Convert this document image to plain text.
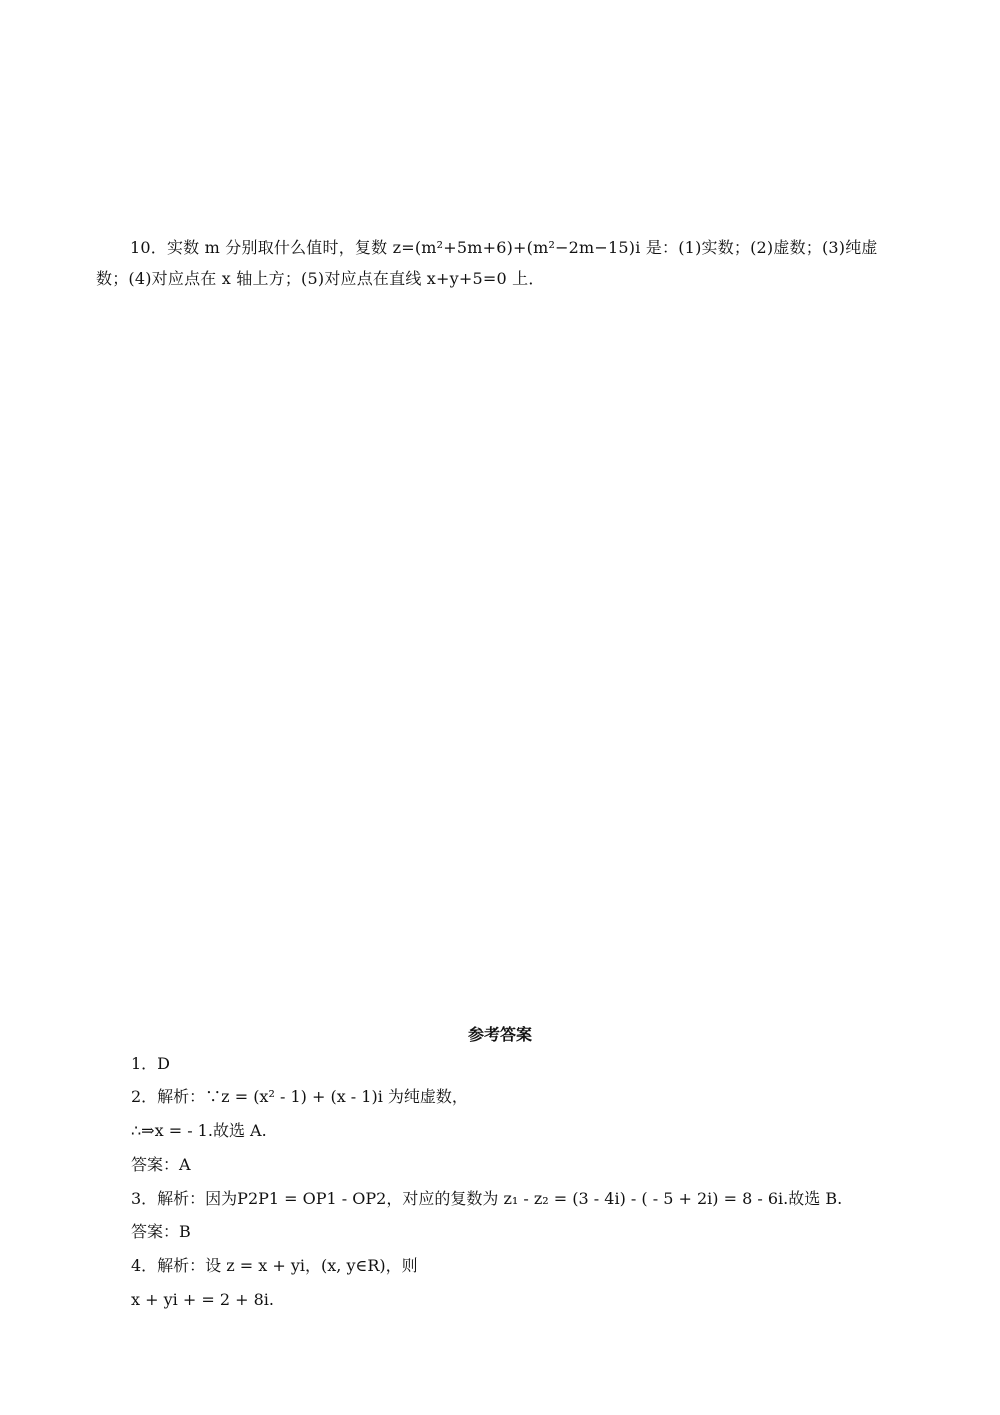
10．实数 m 分别取什么值时，复数 z=(m²+5m+6)+(m²−2m−15)i 是：(1)实数；(2)虚数；(3)纯虚
数；(4)对应点在 x 轴上方；(5)对应点在直线 x+y+5=0 上．
参考答案
1．D
2．解析：∵z = (x² - 1) + (x - 1)i 为纯虚数，
∴⇒x = - 1.故选 A.
答案：A
3．解析：因为P2P1 = OP1 - OP2，对应的复数为 z₁ - z₂ = (3 - 4i) - ( - 5 + 2i) = 8 - 6i.故选 B.
答案：B
4．解析：设 z = x + yi，(x, y∈R)，则
x + yi + = 2 + 8i.
